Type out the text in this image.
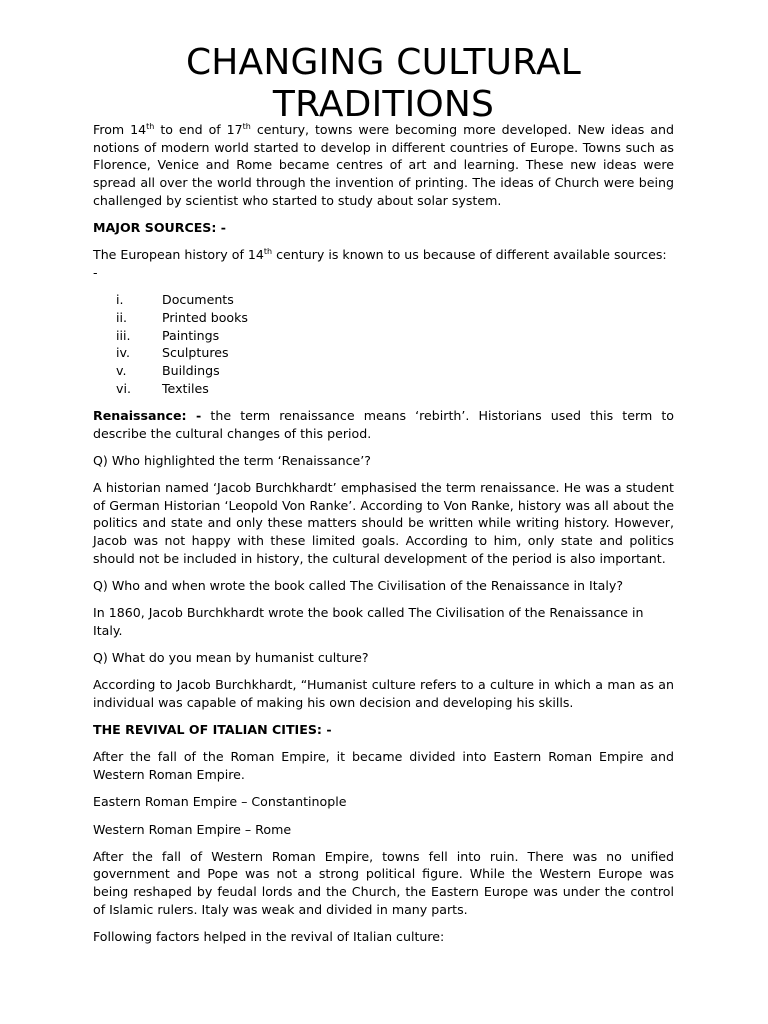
CHANGING CULTURAL
TRADITIONS

From 14th to end of 17th century, towns were becoming more developed. New ideas and notions of modern world started to develop in different countries of Europe. Towns such as Florence, Venice and Rome became centres of art and learning. These new ideas were spread all over the world through the invention of printing. The ideas of Church were being challenged by scientist who started to study about solar system.

MAJOR SOURCES: -

The European history of 14th century is known to us because of different available sources: -

i.	Documents
ii.	Printed books
iii.	Paintings
iv.	Sculptures
v.	Buildings
vi.	Textiles

Renaissance: - the term renaissance means ‘rebirth’. Historians used this term to describe the cultural changes of this period.

Q) Who highlighted the term ‘Renaissance’?

A historian named ‘Jacob Burchkhardt’ emphasised the term renaissance. He was a student of German Historian ‘Leopold Von Ranke’. According to Von Ranke, history was all about the politics and state and only these matters should be written while writing history. However, Jacob was not happy with these limited goals. According to him, only state and politics should not be included in history, the cultural development of the period is also important.

Q) Who and when wrote the book called The Civilisation of the Renaissance in Italy?

In 1860, Jacob Burchkhardt wrote the book called The Civilisation of the Renaissance in Italy.

Q) What do you mean by humanist culture?

According to Jacob Burchkhardt, “Humanist culture refers to a culture in which a man as an individual was capable of making his own decision and developing his skills.

THE REVIVAL OF ITALIAN CITIES: -

After the fall of the Roman Empire, it became divided into Eastern Roman Empire and Western Roman Empire.

Eastern Roman Empire – Constantinople

Western Roman Empire – Rome

After the fall of Western Roman Empire, towns fell into ruin. There was no unified government and Pope was not a strong political figure. While the Western Europe was being reshaped by feudal lords and the Church, the Eastern Europe was under the control of Islamic rulers. Italy was weak and divided in many parts.

Following factors helped in the revival of Italian culture:
